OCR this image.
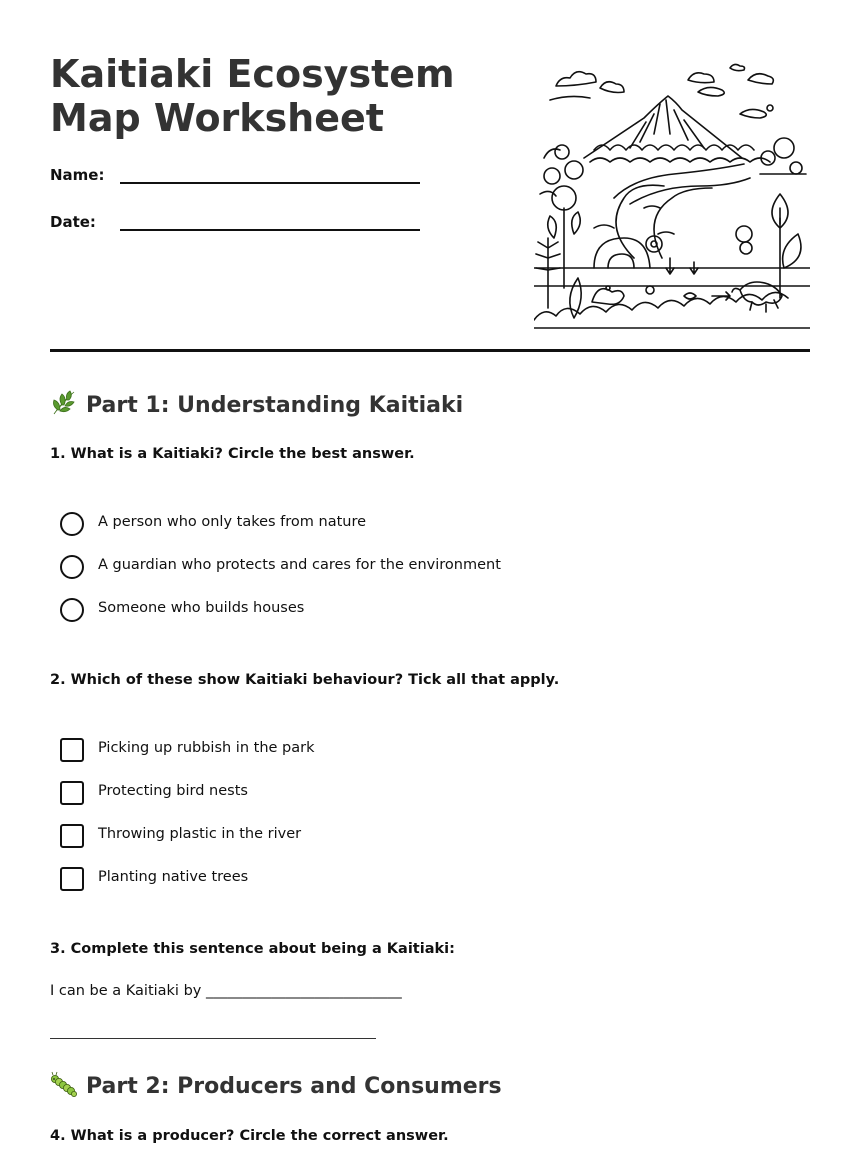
Kaitiaki Ecosystem Map Worksheet
Name:
Date:
Part 1: Understanding Kaitiaki
1. What is a Kaitiaki? Circle the best answer.
A person who only takes from nature
A guardian who protects and cares for the environment
Someone who builds houses
2. Which of these show Kaitiaki behaviour? Tick all that apply.
Picking up rubbish in the park
Protecting bird nests
Throwing plastic in the river
Planting native trees
3. Complete this sentence about being a Kaitiaki:
I can be a Kaitiaki by ___________________________
Part 2: Producers and Consumers
4. What is a producer? Circle the correct answer.
